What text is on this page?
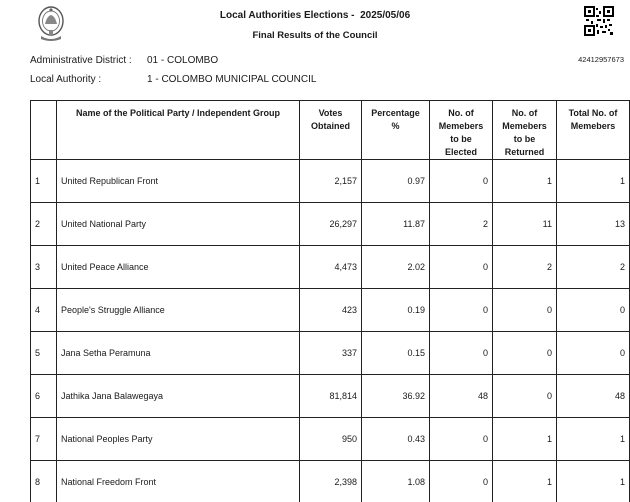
Local Authorities Elections - 2025/05/06
Final Results of the Council
42412957673
Administrative District : 01 - COLOMBO
Local Authority :	1 - COLOMBO MUNICIPAL COUNCIL
	Name of the Political Party / Independent Group	Votes Obtained	Percentage %	No. of Memebers to be Elected	No. of Memebers to be Returned	Total No. of Memebers
1	United Republican Front	2,157	0.97	0	1	1
2	United National Party	26,297	11.87	2	11	13
3	United Peace Alliance	4,473	2.02	0	2	2
4	People's Struggle Alliance	423	0.19	0	0	0
5	Jana Setha Peramuna	337	0.15	0	0	0
6	Jathika Jana Balawegaya	81,814	36.92	48	0	48
7	National Peoples Party	950	0.43	0	1	1
8	National Freedom Front	2,398	1.08	0	1	1
